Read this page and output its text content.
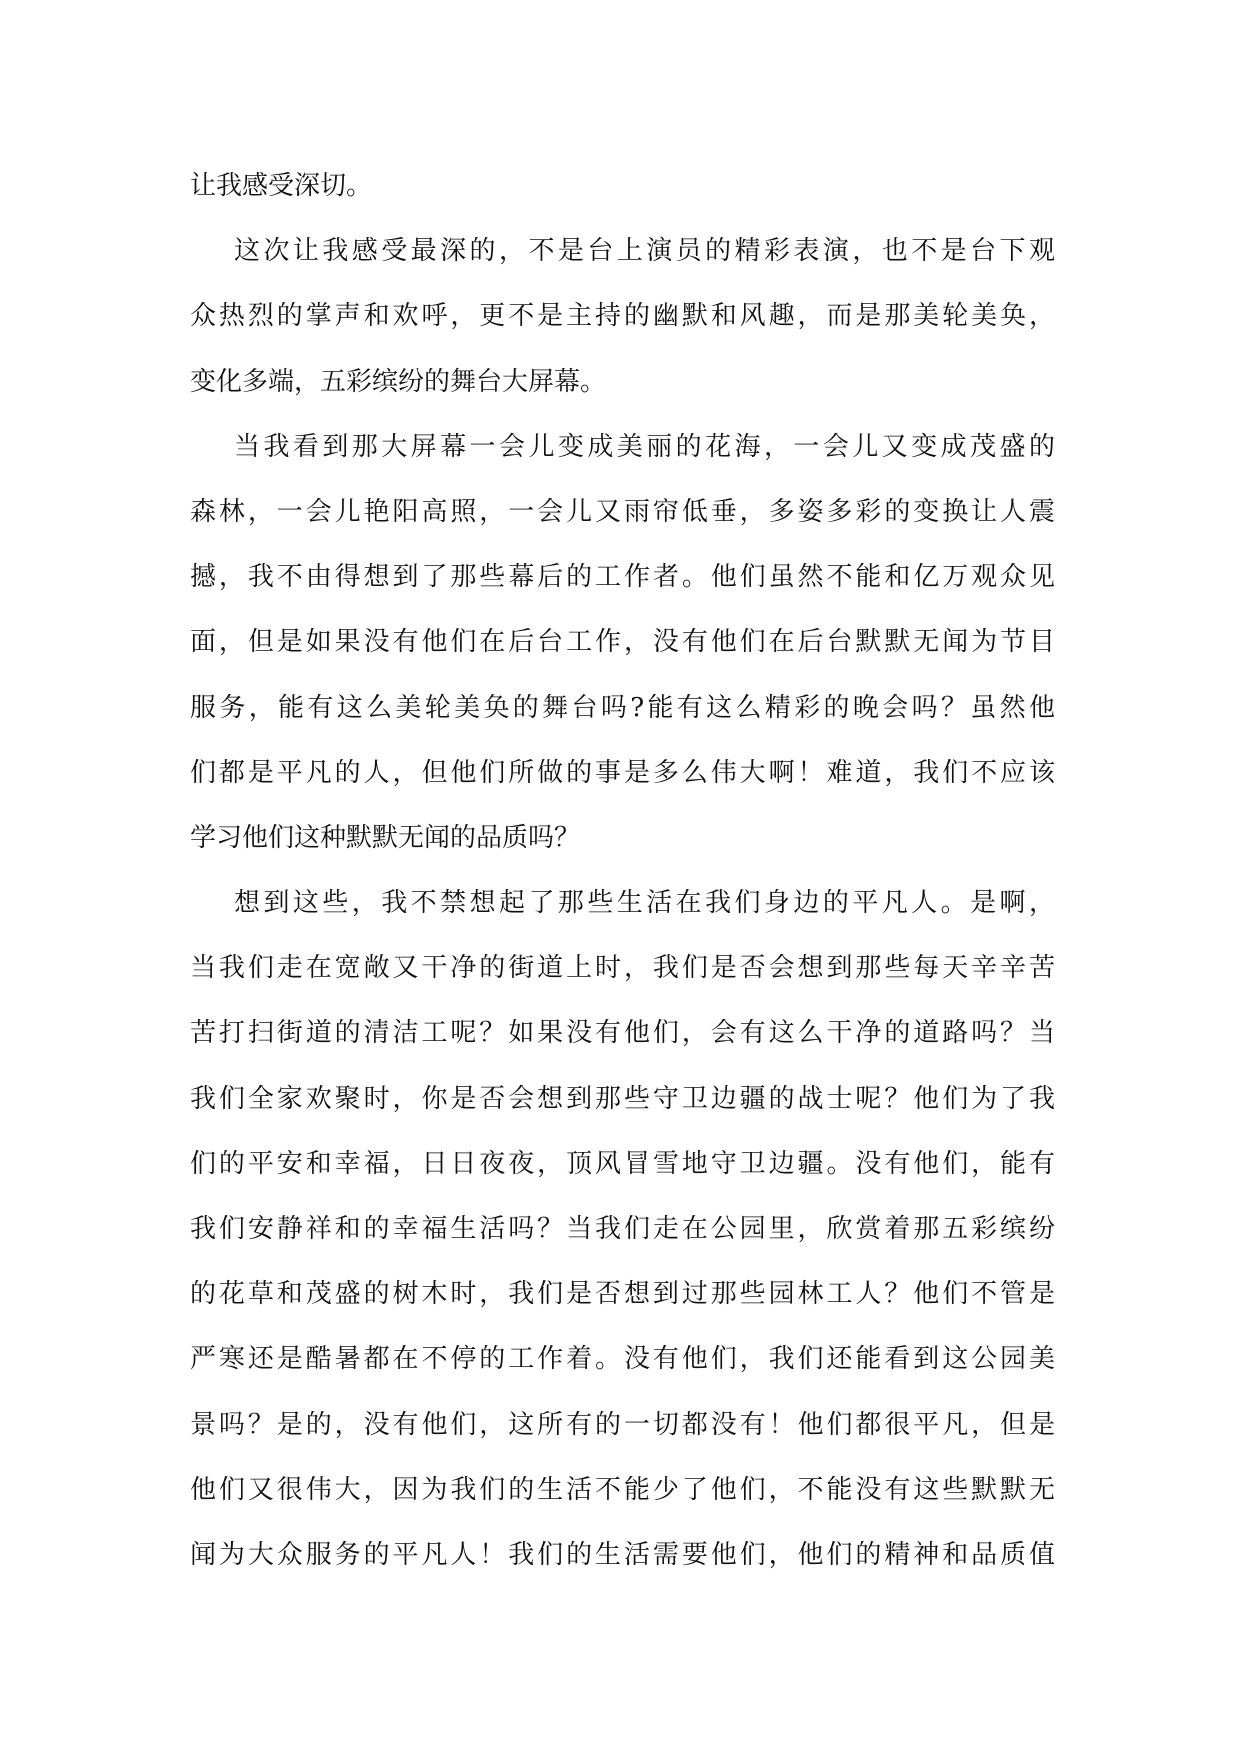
让我感受深切。
这次让我感受最深的，不是台上演员的精彩表演，也不是台下观
众热烈的掌声和欢呼，更不是主持的幽默和风趣，而是那美轮美奂，
变化多端，五彩缤纷的舞台大屏幕。
当我看到那大屏幕一会儿变成美丽的花海，一会儿又变成茂盛的
森林，一会儿艳阳高照，一会儿又雨帘低垂，多姿多彩的变换让人震
撼，我不由得想到了那些幕后的工作者。他们虽然不能和亿万观众见
面，但是如果没有他们在后台工作，没有他们在后台默默无闻为节目
服务，能有这么美轮美奂的舞台吗?能有这么精彩的晚会吗？虽然他
们都是平凡的人，但他们所做的事是多么伟大啊！难道，我们不应该
学习他们这种默默无闻的品质吗？
想到这些，我不禁想起了那些生活在我们身边的平凡人。是啊，
当我们走在宽敞又干净的街道上时，我们是否会想到那些每天辛辛苦
苦打扫街道的清洁工呢？如果没有他们，会有这么干净的道路吗？当
我们全家欢聚时，你是否会想到那些守卫边疆的战士呢？他们为了我
们的平安和幸福，日日夜夜，顶风冒雪地守卫边疆。没有他们，能有
我们安静祥和的幸福生活吗？当我们走在公园里，欣赏着那五彩缤纷
的花草和茂盛的树木时，我们是否想到过那些园林工人？他们不管是
严寒还是酷暑都在不停的工作着。没有他们，我们还能看到这公园美
景吗？是的，没有他们，这所有的一切都没有！他们都很平凡，但是
他们又很伟大，因为我们的生活不能少了他们，不能没有这些默默无
闻为大众服务的平凡人！我们的生活需要他们，他们的精神和品质值
